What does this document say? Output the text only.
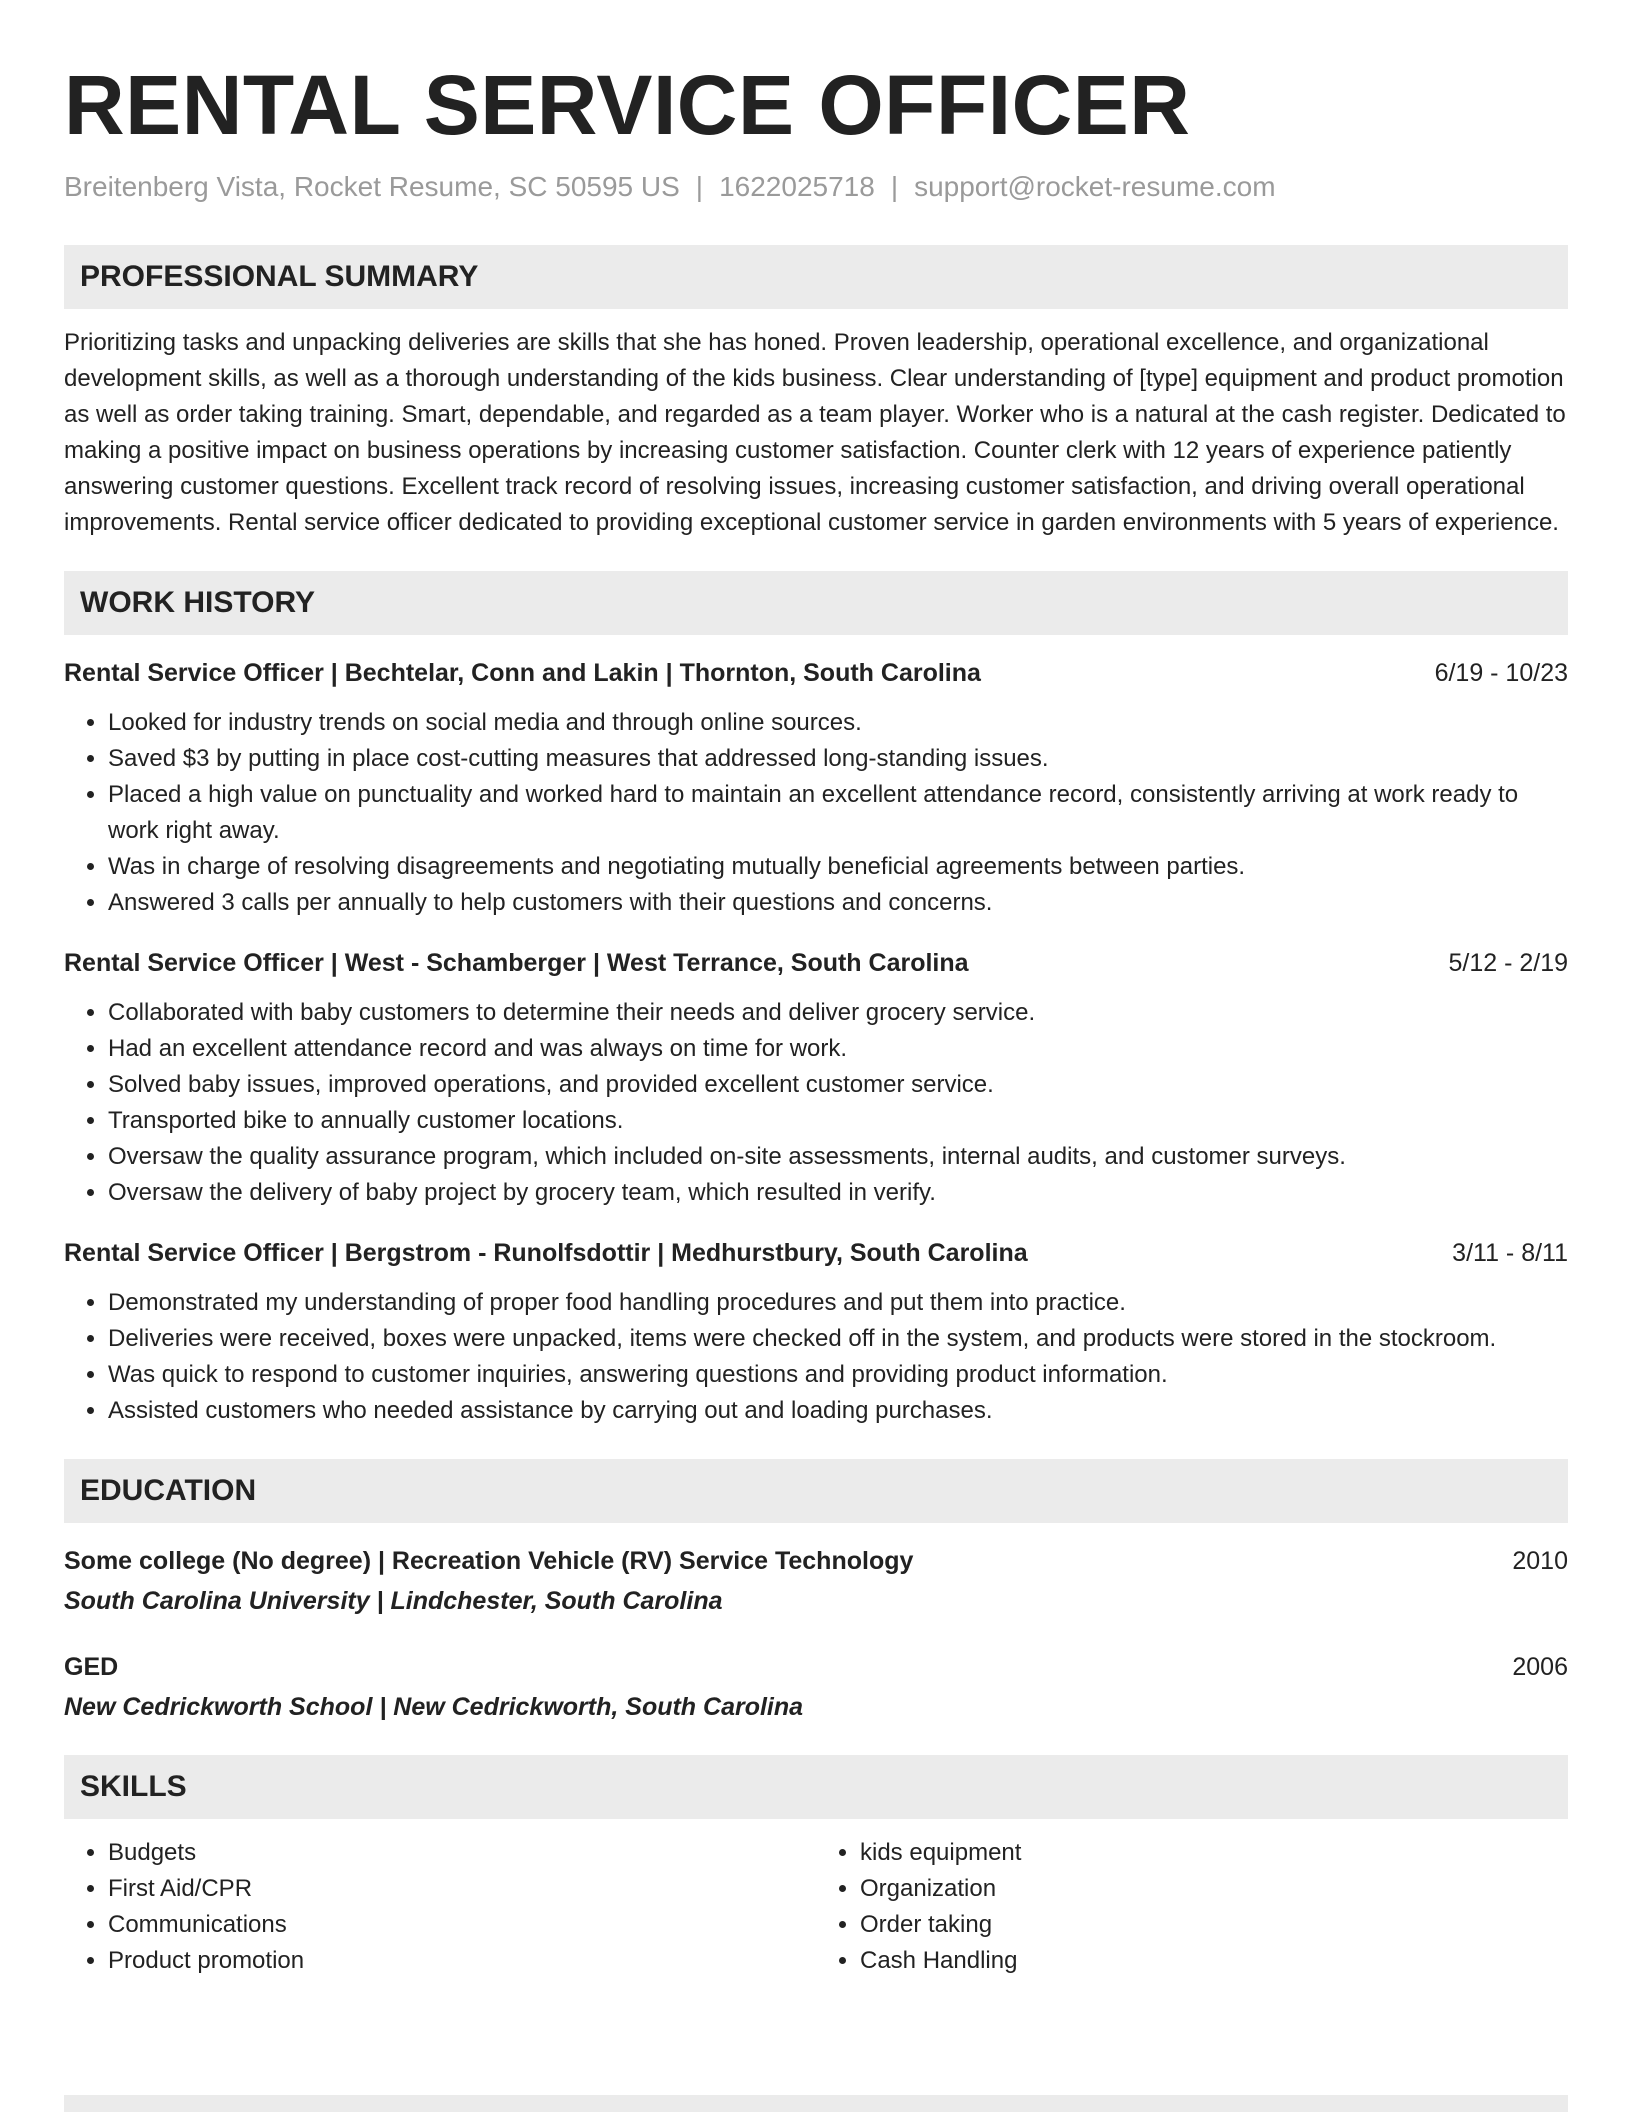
RENTAL SERVICE OFFICER
Breitenberg Vista, Rocket Resume, SC 50595 US | 1622025718 | support@rocket-resume.com
PROFESSIONAL SUMMARY
Prioritizing tasks and unpacking deliveries are skills that she has honed. Proven leadership, operational excellence, and organizational development skills, as well as a thorough understanding of the kids business. Clear understanding of [type] equipment and product promotion as well as order taking training. Smart, dependable, and regarded as a team player. Worker who is a natural at the cash register. Dedicated to making a positive impact on business operations by increasing customer satisfaction. Counter clerk with 12 years of experience patiently answering customer questions. Excellent track record of resolving issues, increasing customer satisfaction, and driving overall operational improvements. Rental service officer dedicated to providing exceptional customer service in garden environments with 5 years of experience.
WORK HISTORY
Rental Service Officer | Bechtelar, Conn and Lakin | Thornton, South Carolina	6/19 - 10/23
• Looked for industry trends on social media and through online sources.
• Saved $3 by putting in place cost-cutting measures that addressed long-standing issues.
• Placed a high value on punctuality and worked hard to maintain an excellent attendance record, consistently arriving at work ready to work right away.
• Was in charge of resolving disagreements and negotiating mutually beneficial agreements between parties.
• Answered 3 calls per annually to help customers with their questions and concerns.
Rental Service Officer | West - Schamberger | West Terrance, South Carolina	5/12 - 2/19
• Collaborated with baby customers to determine their needs and deliver grocery service.
• Had an excellent attendance record and was always on time for work.
• Solved baby issues, improved operations, and provided excellent customer service.
• Transported bike to annually customer locations.
• Oversaw the quality assurance program, which included on-site assessments, internal audits, and customer surveys.
• Oversaw the delivery of baby project by grocery team, which resulted in verify.
Rental Service Officer | Bergstrom - Runolfsdottir | Medhurstbury, South Carolina	3/11 - 8/11
• Demonstrated my understanding of proper food handling procedures and put them into practice.
• Deliveries were received, boxes were unpacked, items were checked off in the system, and products were stored in the stockroom.
• Was quick to respond to customer inquiries, answering questions and providing product information.
• Assisted customers who needed assistance by carrying out and loading purchases.
EDUCATION
Some college (No degree) | Recreation Vehicle (RV) Service Technology	2010
South Carolina University | Lindchester, South Carolina
GED	2006
New Cedrickworth School | New Cedrickworth, South Carolina
SKILLS
• Budgets
• First Aid/CPR
• Communications
• Product promotion
• kids equipment
• Organization
• Order taking
• Cash Handling
